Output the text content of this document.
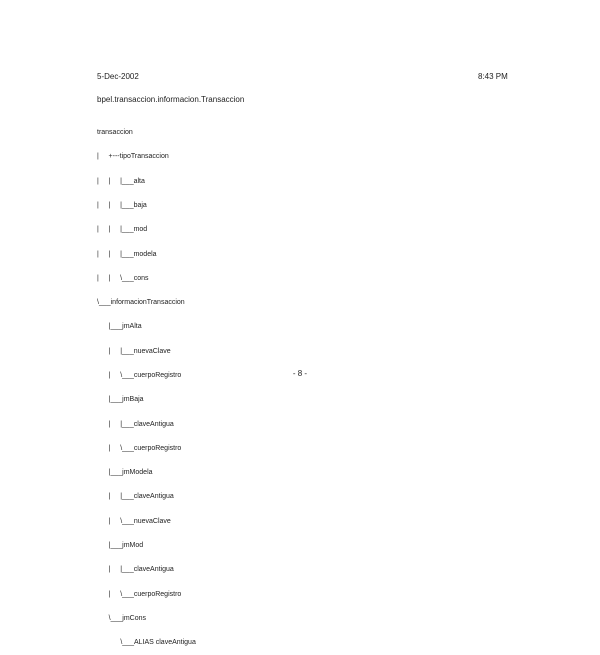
5-Dec-2002	8:43 PM
bpel.transaccion.informacion.Transaccion

transaccion

|     +---tipoTransaccion

|     |     |___alta

|     |     |___baja

|     |     |___mod

|     |     |___modela

|     |     \___cons

\___informacionTransaccion

|___jmAlta

|     |___nuevaClave

|     \___cuerpoRegistro

|___jmBaja

|     |___claveAntigua

|     \___cuerpoRegistro

|___jmModela

|     |___claveAntigua

|     \___nuevaClave

|___jmMod

|     |___claveAntigua

|     \___cuerpoRegistro

\___jmCons

\___ALIAS claveAntigua

- 8 -
